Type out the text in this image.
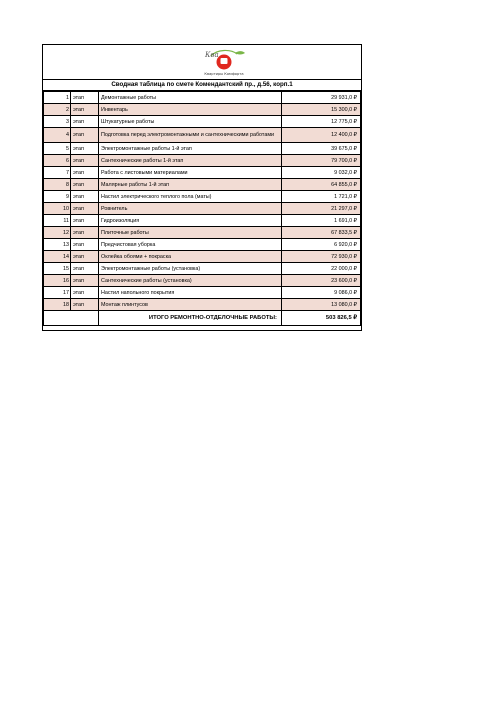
Ква
Квартиры Комфорта
Сводная таблица по смете Комендантский пр., д.56, корп.1
1	этап	Демонтажные работы	29 931,0 ₽
2	этап	Инвентарь	15 300,0 ₽
3	этап	Штукатурные работы	12 775,0 ₽
4	этап	Подготовка перед электромонтажными и сантехническими работами	12 400,0 ₽
5	этап	Электромонтажные работы 1-й этап	39 675,0 ₽
6	этап	Сантехнические работы 1-й этап	79 700,0 ₽
7	этап	Работа с листовыми материалами	9 032,0 ₽
8	этап	Малярные работы 1-й этап	64 855,0 ₽
9	этап	Настил электрического теплого пола (маты)	1 721,0 ₽
10	этап	Ровнитель	21 297,0 ₽
11	этап	Гидроизоляция	1 691,0 ₽
12	этап	Плиточные работы	67 833,5 ₽
13	этап	Предчистовая уборка	6 920,0 ₽
14	этап	Оклейка обоями + покраска	72 930,0 ₽
15	этап	Электромонтажные работы (установка)	22 000,0 ₽
16	этап	Сантехнические работы (установка)	23 600,0 ₽
17	этап	Настил напольного покрытия	9 086,0 ₽
18	этап	Монтаж плинтусов	13 080,0 ₽
		ИТОГО РЕМОНТНО-ОТДЕЛОЧНЫЕ РАБОТЫ:	503 826,5 ₽
